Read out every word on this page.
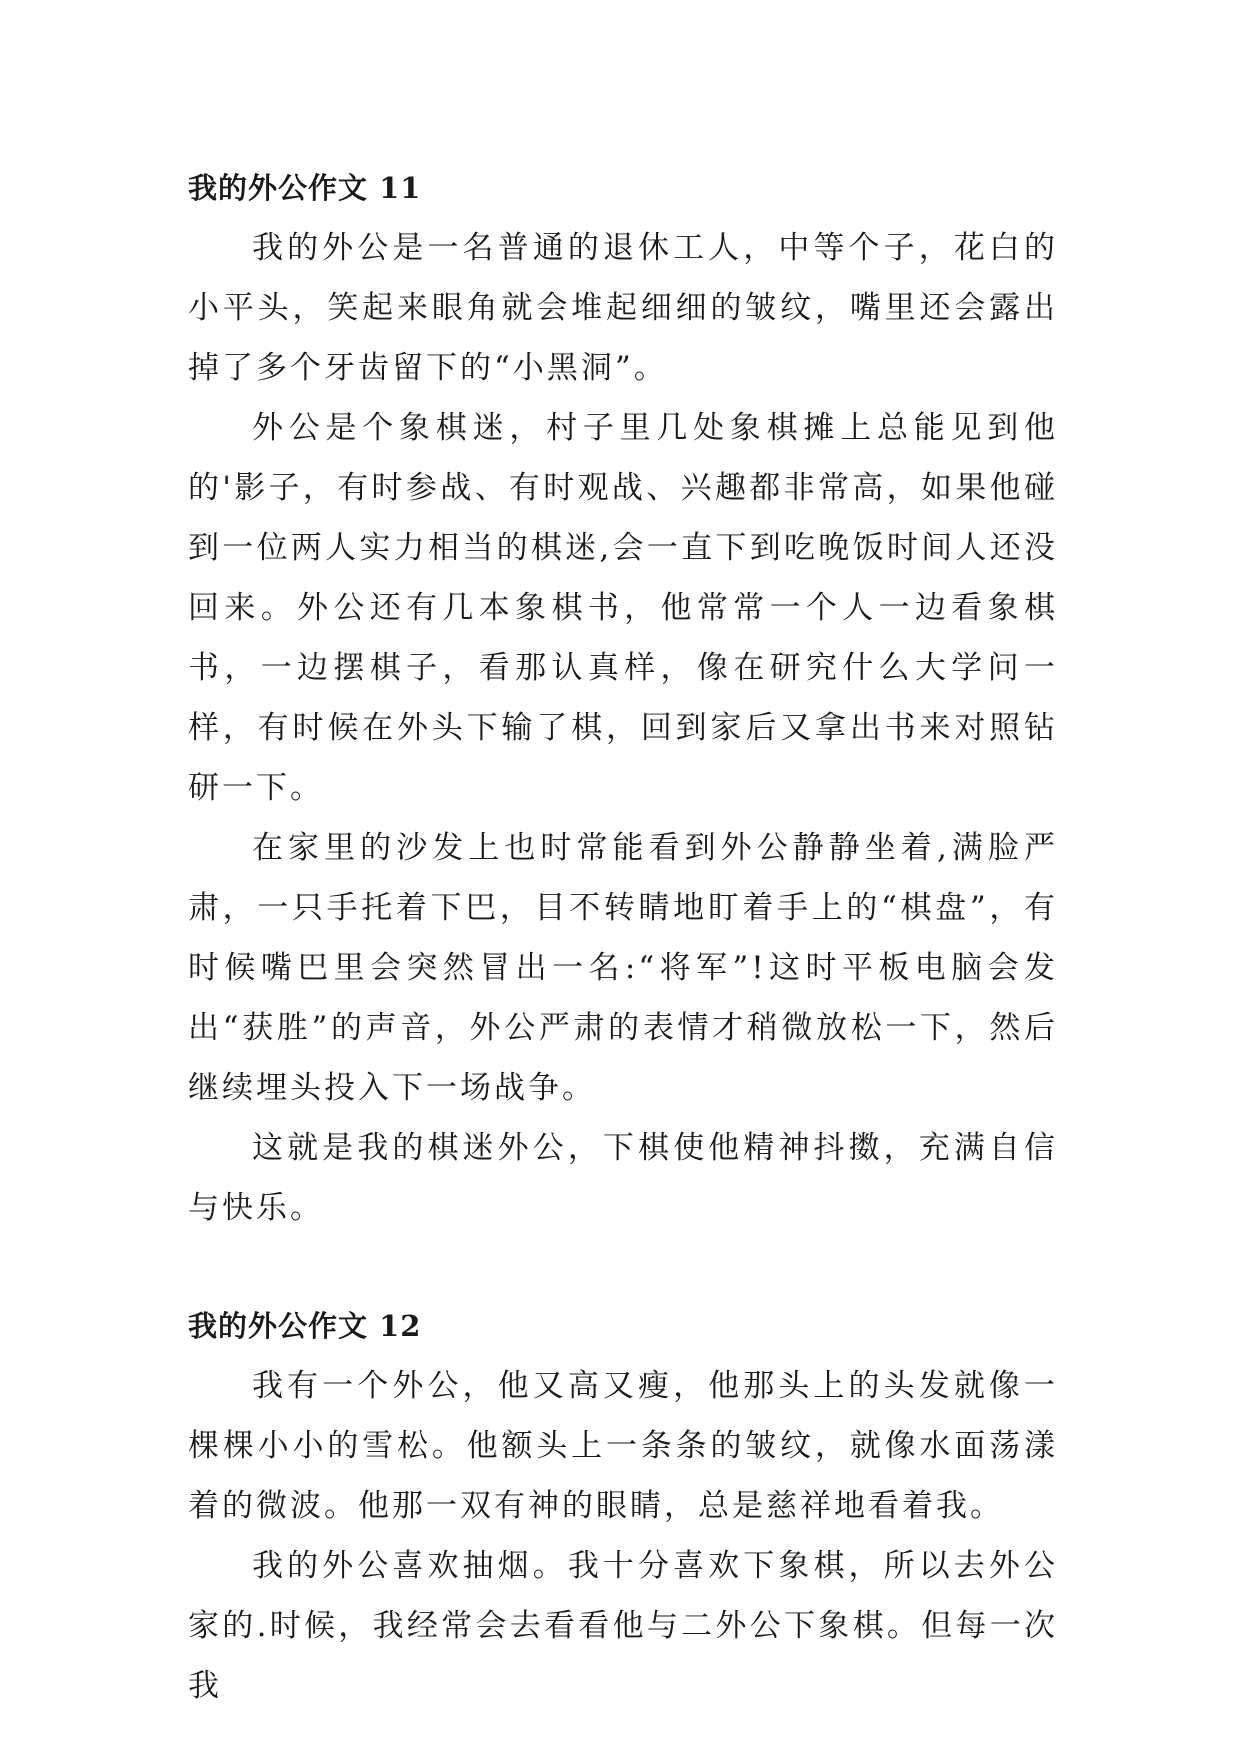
我的外公作文 11

我的外公是一名普通的退休工人，中等个子，花白的小平头，笑起来眼角就会堆起细细的皱纹，嘴里还会露出掉了多个牙齿留下的“小黑洞”。

外公是个象棋迷，村子里几处象棋摊上总能见到他的'影子，有时参战、有时观战、兴趣都非常高，如果他碰到一位两人实力相当的棋迷,会一直下到吃晚饭时间人还没回来。外公还有几本象棋书，他常常一个人一边看象棋书，一边摆棋子，看那认真样，像在研究什么大学问一样，有时候在外头下输了棋，回到家后又拿出书来对照钻研一下。

在家里的沙发上也时常能看到外公静静坐着,满脸严肃，一只手托着下巴，目不转睛地盯着手上的“棋盘”，有时候嘴巴里会突然冒出一名:“将军”!这时平板电脑会发出“获胜”的声音，外公严肃的表情才稍微放松一下，然后继续埋头投入下一场战争。

这就是我的棋迷外公，下棋使他精神抖擞，充满自信与快乐。

我的外公作文 12

我有一个外公，他又高又瘦，他那头上的头发就像一棵棵小小的雪松。他额头上一条条的皱纹，就像水面荡漾着的微波。他那一双有神的眼睛，总是慈祥地看着我。

我的外公喜欢抽烟。我十分喜欢下象棋，所以去外公家的.时候，我经常会去看看他与二外公下象棋。但每一次我
